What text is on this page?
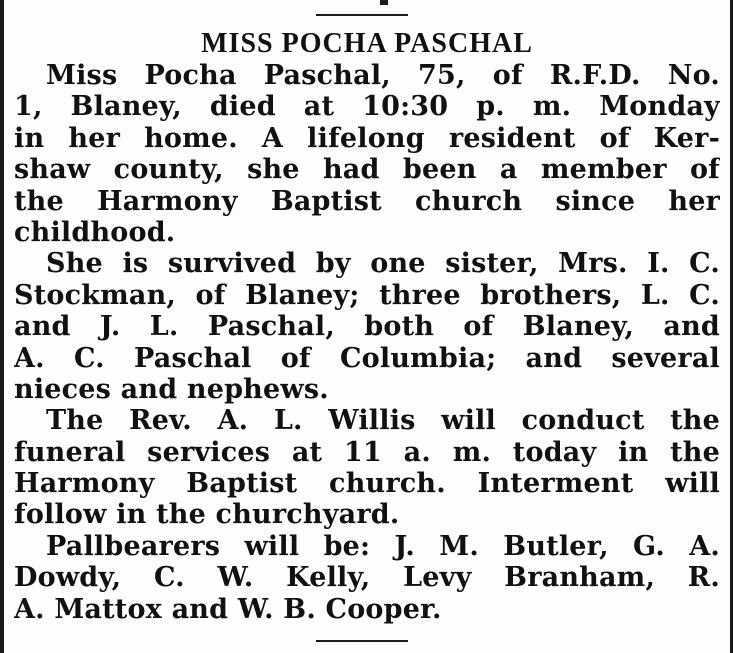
MISS POCHA PASCHAL
Miss Pocha Paschal, 75, of R.F.D. No.
1, Blaney, died at 10:30 p. m. Monday
in her home. A lifelong resident of Ker-
shaw county, she had been a member of
the Harmony Baptist church since her
childhood.
She is survived by one sister, Mrs. I. C.
Stockman, of Blaney; three brothers, L. C.
and J. L. Paschal, both of Blaney, and
A. C. Paschal of Columbia; and several
nieces and nephews.
The Rev. A. L. Willis will conduct the
funeral services at 11 a. m. today in the
Harmony Baptist church. Interment will
follow in the churchyard.
Pallbearers will be: J. M. Butler, G. A.
Dowdy, C. W. Kelly, Levy Branham, R.
A. Mattox and W. B. Cooper.
